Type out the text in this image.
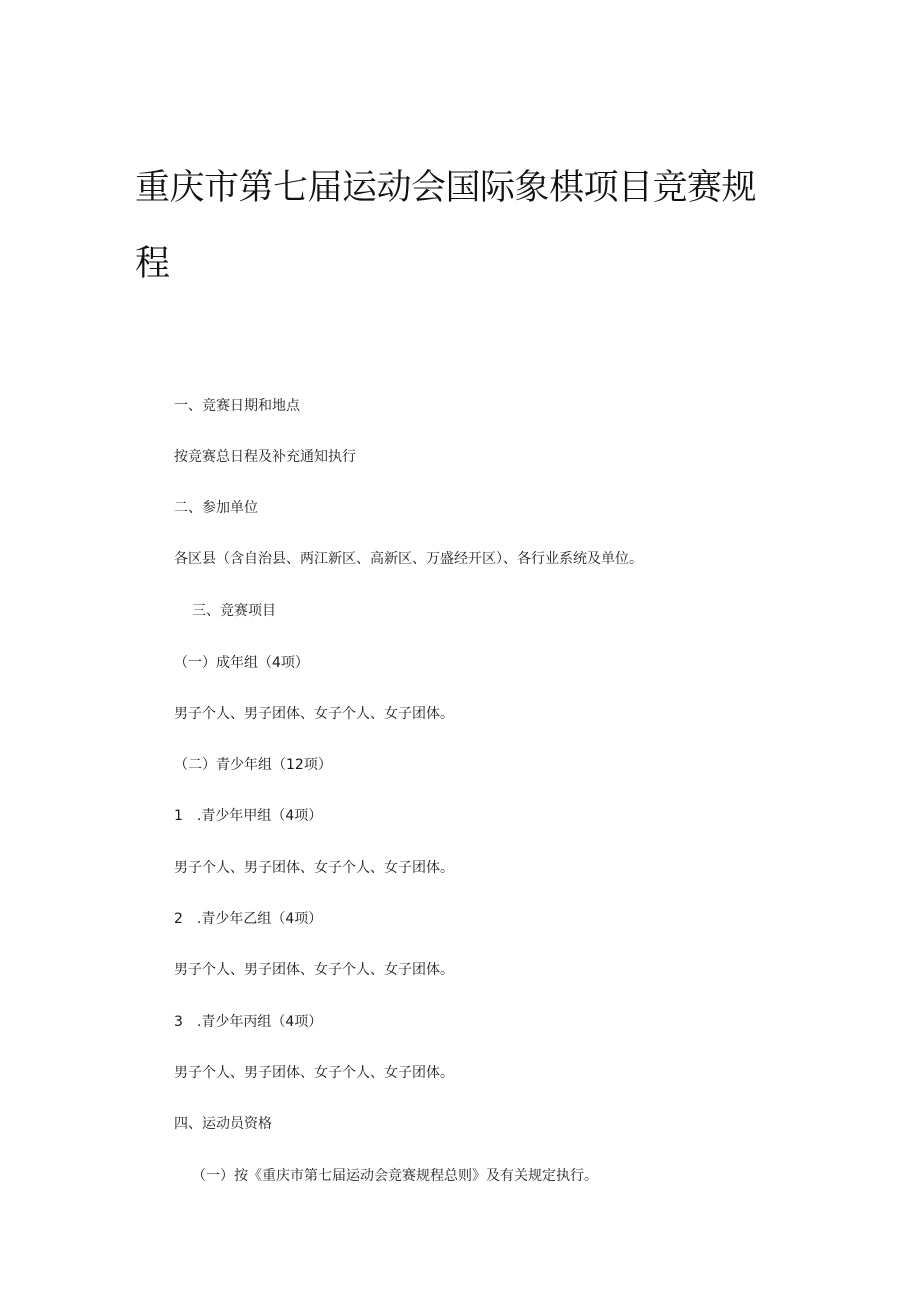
重庆市第七届运动会国际象棋项目竞赛规程

一、竞赛日期和地点

按竞赛总日程及补充通知执行

二、参加单位

各区县（含自治县、两江新区、高新区、万盛经开区）、各行业系统及单位。

三、竞赛项目

（一）成年组（4项）

男子个人、男子团体、女子个人、女子团体。

（二）青少年组（12项）

1　.青少年甲组（4项）

男子个人、男子团体、女子个人、女子团体。

2　.青少年乙组（4项）

男子个人、男子团体、女子个人、女子团体。

3　.青少年丙组（4项）

男子个人、男子团体、女子个人、女子团体。

四、运动员资格

（一）按《重庆市第七届运动会竞赛规程总则》及有关规定执行。
